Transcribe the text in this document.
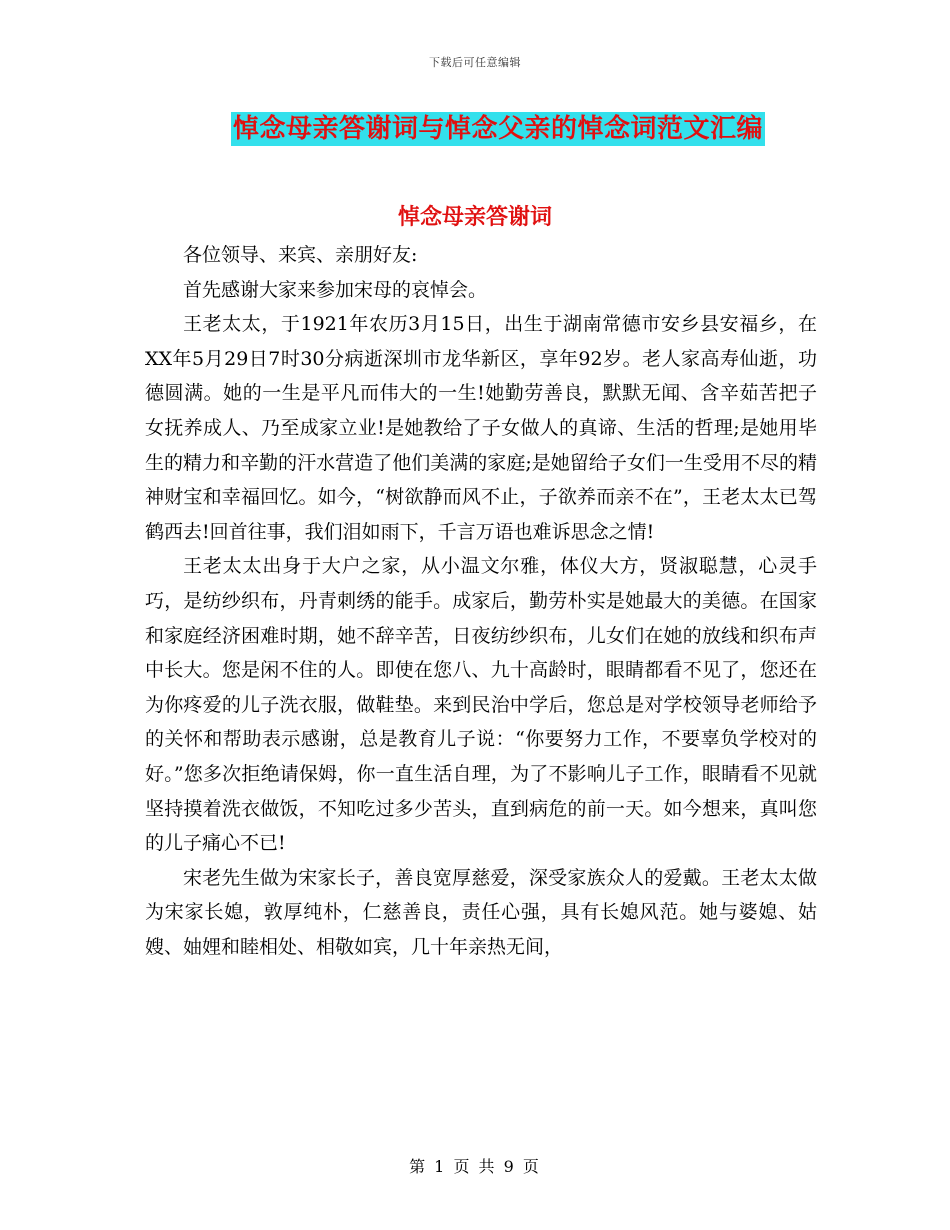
下载后可任意编辑
悼念母亲答谢词与悼念父亲的悼念词范文汇编
悼念母亲答谢词

各位领导、来宾、亲朋好友:

首先感谢大家来参加宋母的哀悼会。

王老太太，于1921年农历3月15日，出生于湖南常德市安乡县安福乡，在XX年5月29日7时30分病逝深圳市龙华新区，享年92岁。老人家高寿仙逝，功德圆满。她的一生是平凡而伟大的一生!她勤劳善良，默默无闻、含辛茹苦把子女抚养成人、乃至成家立业!是她教给了子女做人的真谛、生活的哲理;是她用毕生的精力和辛勤的汗水营造了他们美满的家庭;是她留给子女们一生受用不尽的精神财宝和幸福回忆。如今，“树欲静而风不止，子欲养而亲不在”，王老太太已驾鹤西去!回首往事，我们泪如雨下，千言万语也难诉思念之情!

王老太太出身于大户之家，从小温文尔雅，体仪大方，贤淑聪慧，心灵手巧，是纺纱织布，丹青刺绣的能手。成家后，勤劳朴实是她最大的美德。在国家和家庭经济困难时期，她不辞辛苦，日夜纺纱织布，儿女们在她的放线和织布声中长大。您是闲不住的人。即使在您八、九十高龄时，眼睛都看不见了，您还在为你疼爱的儿子洗衣服，做鞋垫。来到民治中学后，您总是对学校领导老师给予的关怀和帮助表示感谢，总是教育儿子说：“你要努力工作，不要辜负学校对的好。”您多次拒绝请保姆，你一直生活自理，为了不影响儿子工作，眼睛看不见就坚持摸着洗衣做饭，不知吃过多少苦头，直到病危的前一天。如今想来，真叫您的儿子痛心不已!

宋老先生做为宋家长子，善良宽厚慈爱，深受家族众人的爱戴。王老太太做为宋家长媳，敦厚纯朴，仁慈善良，责任心强，具有长媳风范。她与婆媳、姑嫂、妯娌和睦相处、相敬如宾，几十年亲热无间，

第 1 页 共 9 页
